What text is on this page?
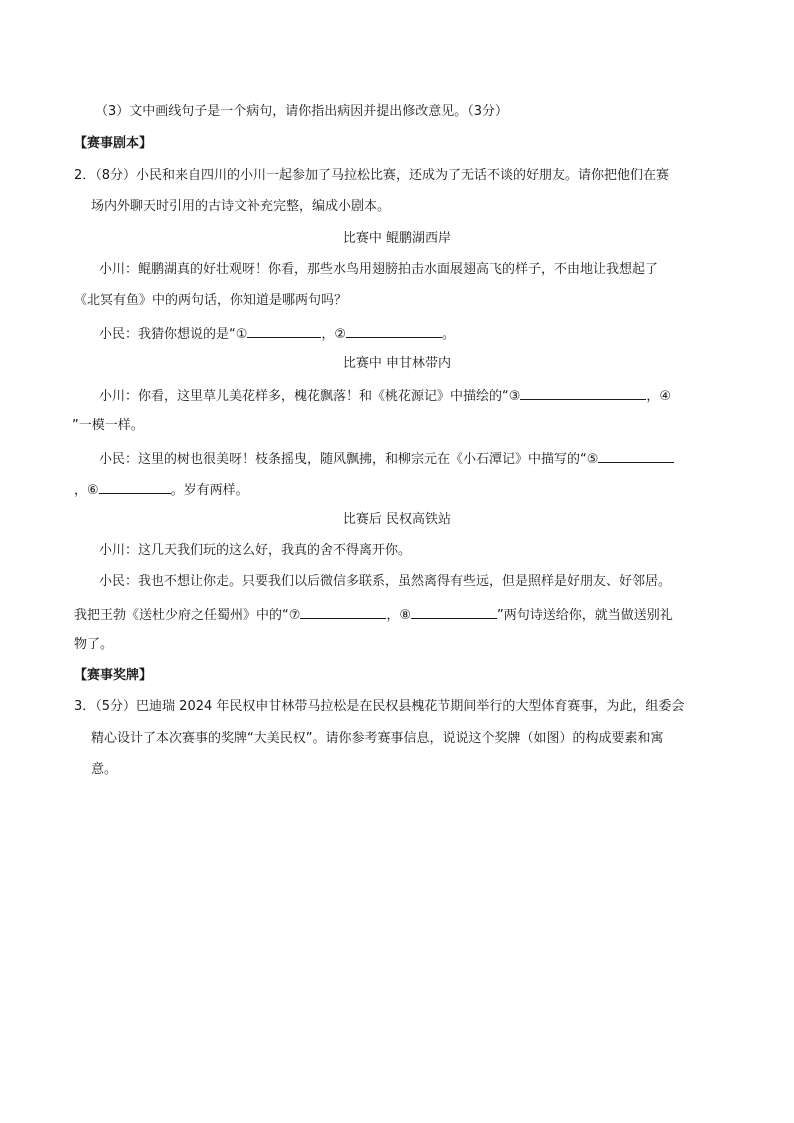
（3）文中画线句子是一个病句，请你指出病因并提出修改意见。（3分）
【赛事剧本】
2．（8分）小民和来自四川的小川一起参加了马拉松比赛，还成为了无话不谈的好朋友。请你把他们在赛
场内外聊天时引用的古诗文补充完整，编成小剧本。
比赛中 鲲鹏湖西岸
小川：鲲鹏湖真的好壮观呀！你看，那些水鸟用翅膀拍击水面展翅高飞的样子，不由地让我想起了
《北冥有鱼》中的两句话，你知道是哪两句吗？
小民：我猜你想说的是“①	，②	。
比赛中 申甘林带内
小川：你看，这里草儿美花样多，槐花飘落！和《桃花源记》中描绘的“③	，④
”一模一样。
小民：这里的树也很美呀！枝条摇曳，随风飘拂，和柳宗元在《小石潭记》中描写的“⑤
，⑥	。岁有两样。
比赛后 民权高铁站
小川：这几天我们玩的这么好，我真的舍不得离开你。
小民：我也不想让你走。只要我们以后微信多联系，虽然离得有些远，但是照样是好朋友、好邻居。
我把王勃《送杜少府之任蜀州》中的“⑦	，⑧	”两句诗送给你，就当做送别礼
物了。
【赛事奖牌】
3．（5分）巴迪瑞 2024 年民权申甘林带马拉松是在民权县槐花节期间举行的大型体育赛事，为此，组委会
精心设计了本次赛事的奖牌“大美民权”。请你参考赛事信息，说说这个奖牌（如图）的构成要素和寓
意。
